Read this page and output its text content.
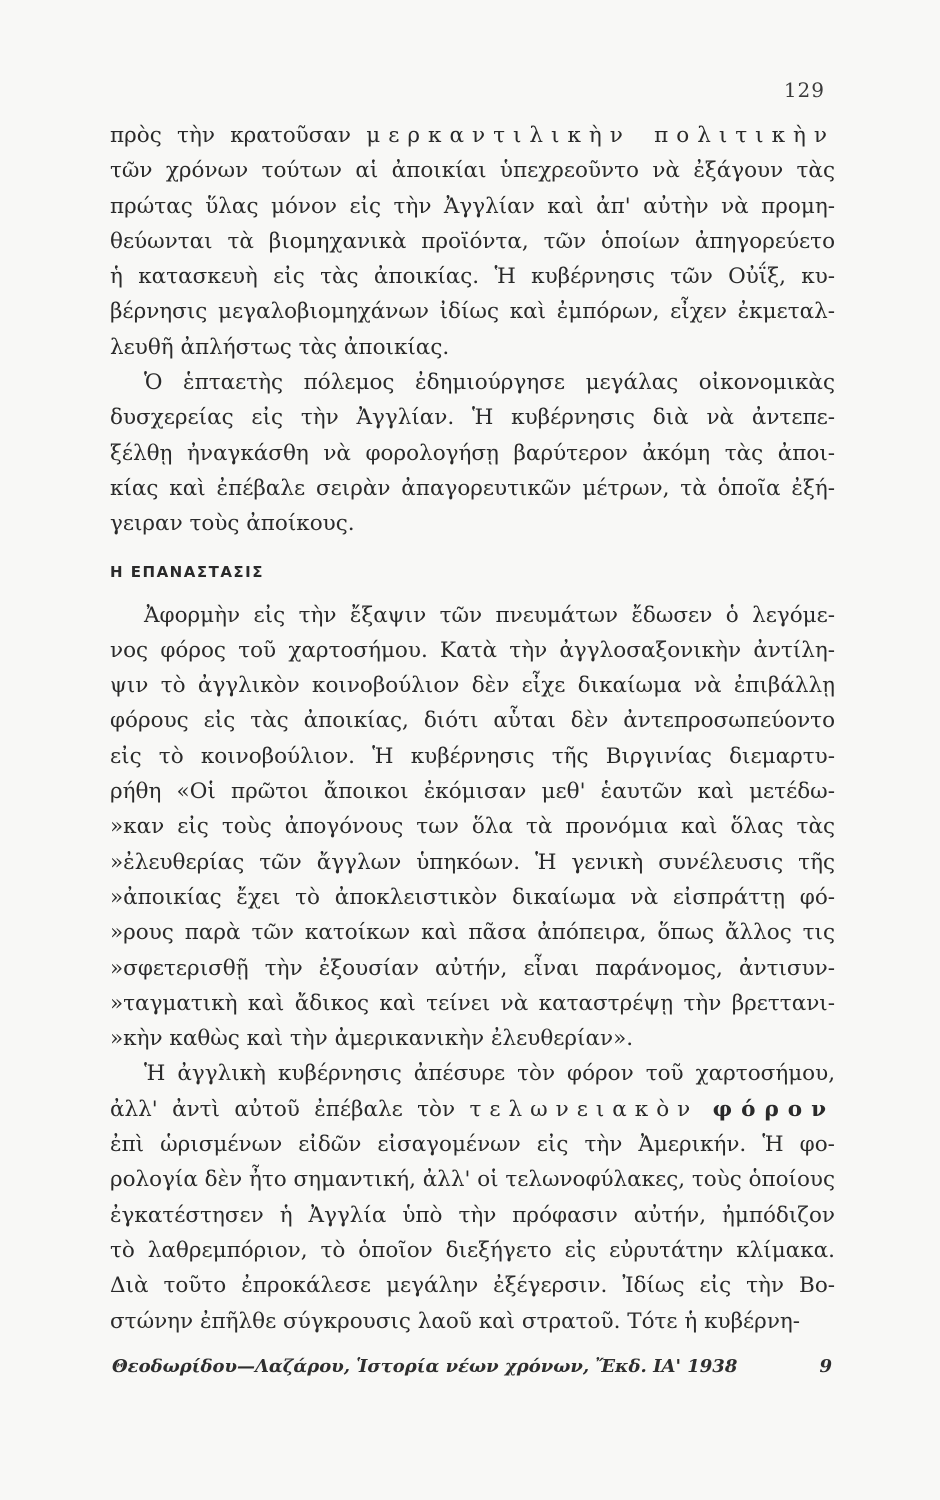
129
πρὸς τὴν κρατοῦσαν μερκαντιλικὴν πολιτικὴν
τῶν χρόνων τούτων αἱ ἀποικίαι ὑπεχρεοῦντο νὰ ἐξάγουν τὰς
πρώτας ὕλας μόνον εἰς τὴν Ἀγγλίαν καὶ ἀπ' αὐτὴν νὰ προμη-
θεύωνται τὰ βιομηχανικὰ προϊόντα, τῶν ὁποίων ἀπηγορεύετο
ἡ κατασκευὴ εἰς τὰς ἀποικίας. Ἡ κυβέρνησις τῶν Οὐΐξ, κυ-
βέρνησις μεγαλοβιομηχάνων ἰδίως καὶ ἐμπόρων, εἶχεν ἐκμεταλ-
λευθῆ ἀπλήστως τὰς ἀποικίας.
Ὁ ἑπταετὴς πόλεμος ἐδημιούργησε μεγάλας οἰκονομικὰς
δυσχερείας εἰς τὴν Ἀγγλίαν. Ἡ κυβέρνησις διὰ νὰ ἀντεπε-
ξέλθῃ ἠναγκάσθη νὰ φορολογήσῃ βαρύτερον ἀκόμη τὰς ἀποι-
κίας καὶ ἐπέβαλε σειρὰν ἀπαγορευτικῶν μέτρων, τὰ ὁποῖα ἐξή-
γειραν τοὺς ἀποίκους.
Η ΕΠΑΝΑΣΤΑΣΙΣ
Ἀφορμὴν εἰς τὴν ἔξαψιν τῶν πνευμάτων ἔδωσεν ὁ λεγόμε-
νος φόρος τοῦ χαρτοσήμου. Κατὰ τὴν ἀγγλοσαξονικὴν ἀντίλη-
ψιν τὸ ἀγγλικὸν κοινοβούλιον δὲν εἶχε δικαίωμα νὰ ἐπιβάλλῃ
φόρους εἰς τὰς ἀποικίας, διότι αὗται δὲν ἀντεπροσωπεύοντο
εἰς τὸ κοινοβούλιον. Ἡ κυβέρνησις τῆς Βιργινίας διεμαρτυ-
ρήθη «Οἱ πρῶτοι ἄποικοι ἐκόμισαν μεθ' ἑαυτῶν καὶ μετέδω-
»καν εἰς τοὺς ἀπογόνους των ὅλα τὰ προνόμια καὶ ὅλας τὰς
»ἐλευθερίας τῶν ἄγγλων ὑπηκόων. Ἡ γενικὴ συνέλευσις τῆς
»ἀποικίας ἔχει τὸ ἀποκλειστικὸν δικαίωμα νὰ εἰσπράττῃ φό-
»ρους παρὰ τῶν κατοίκων καὶ πᾶσα ἀπόπειρα, ὅπως ἄλλος τις
»σφετερισθῇ τὴν ἐξουσίαν αὐτήν, εἶναι παράνομος, ἀντισυν-
»ταγματικὴ καὶ ἄδικος καὶ τείνει νὰ καταστρέψῃ τὴν βρεττανι-
»κὴν καθὼς καὶ τὴν ἀμερικανικὴν ἐλευθερίαν».
Ἡ ἀγγλικὴ κυβέρνησις ἀπέσυρε τὸν φόρον τοῦ χαρτοσήμου,
ἀλλ' ἀντὶ αὐτοῦ ἐπέβαλε τὸν τελωνειακὸν φόρον
ἐπὶ ὡρισμένων εἰδῶν εἰσαγομένων εἰς τὴν Ἀμερικήν. Ἡ φο-
ρολογία δὲν ἦτο σημαντική, ἀλλ' οἱ τελωνοφύλακες, τοὺς ὁποίους
ἐγκατέστησεν ἡ Ἀγγλία ὑπὸ τὴν πρόφασιν αὐτήν, ἠμπόδιζον
τὸ λαθρεμπόριον, τὸ ὁποῖον διεξήγετο εἰς εὐρυτάτην κλίμακα.
Διὰ τοῦτο ἐπροκάλεσε μεγάλην ἐξέγερσιν. Ἰδίως εἰς τὴν Βο-
στώνην ἐπῆλθε σύγκρουσις λαοῦ καὶ στρατοῦ. Τότε ἡ κυβέρνη-
Θεοδωρίδου—Λαζάρου, Ἱστορία νέων χρόνων, Ἔκδ. ΙΑ' 1938	9
